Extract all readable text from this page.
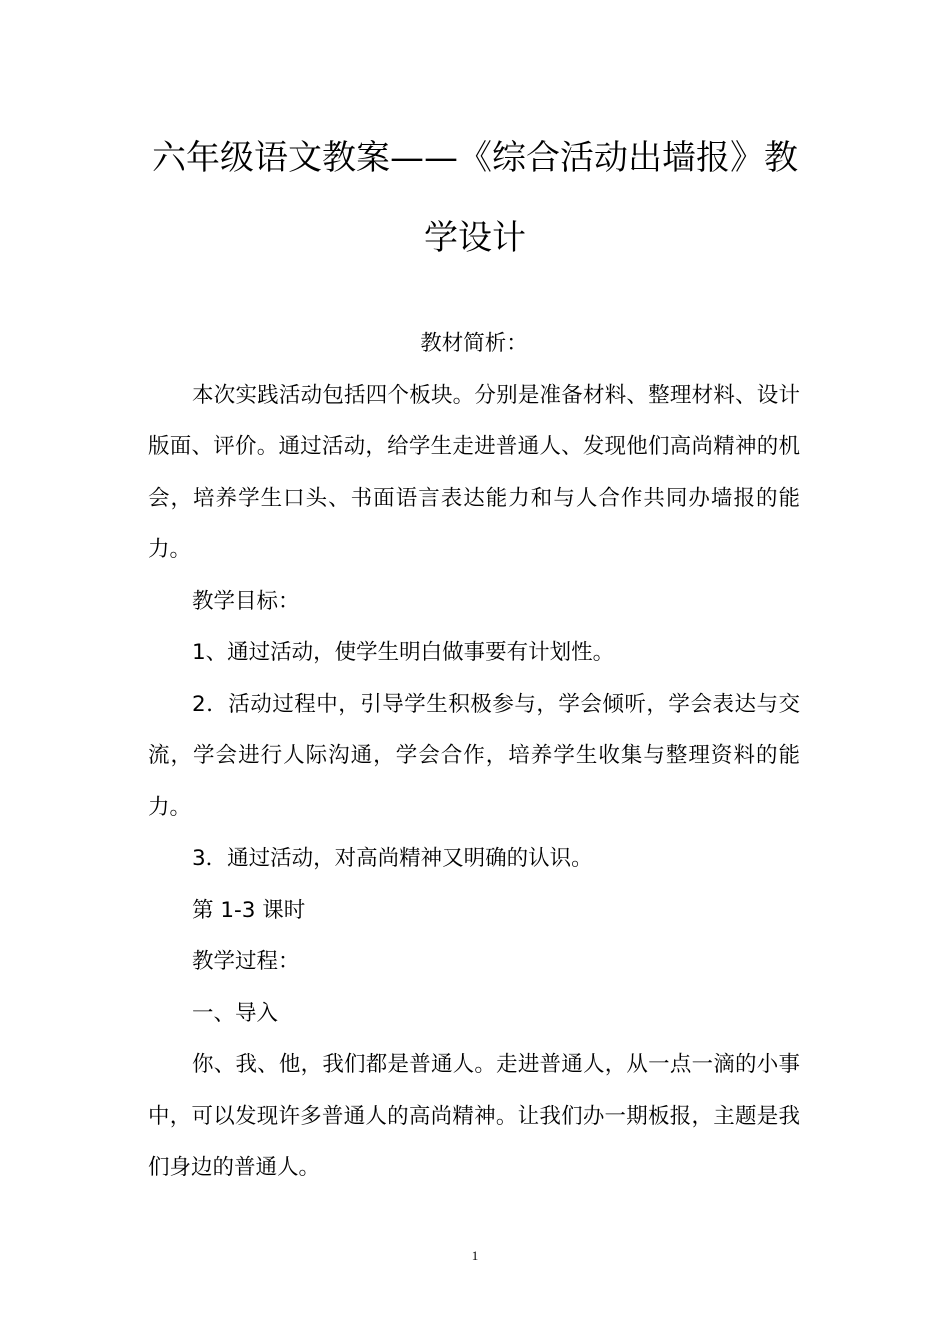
六年级语文教案——《综合活动出墙报》教学设计

教材简析：

本次实践活动包括四个板块。分别是准备材料、整理材料、设计版面、评价。通过活动，给学生走进普通人、发现他们高尚精神的机会，培养学生口头、书面语言表达能力和与人合作共同办墙报的能力。

教学目标：

1、通过活动，使学生明白做事要有计划性。

2．活动过程中，引导学生积极参与，学会倾听，学会表达与交流，学会进行人际沟通，学会合作，培养学生收集与整理资料的能力。

3．通过活动，对高尚精神又明确的认识。

第 1-3 课时

教学过程：

一、导入

你、我、他，我们都是普通人。走进普通人，从一点一滴的小事中，可以发现许多普通人的高尚精神。让我们办一期板报，主题是我们身边的普通人。

1
